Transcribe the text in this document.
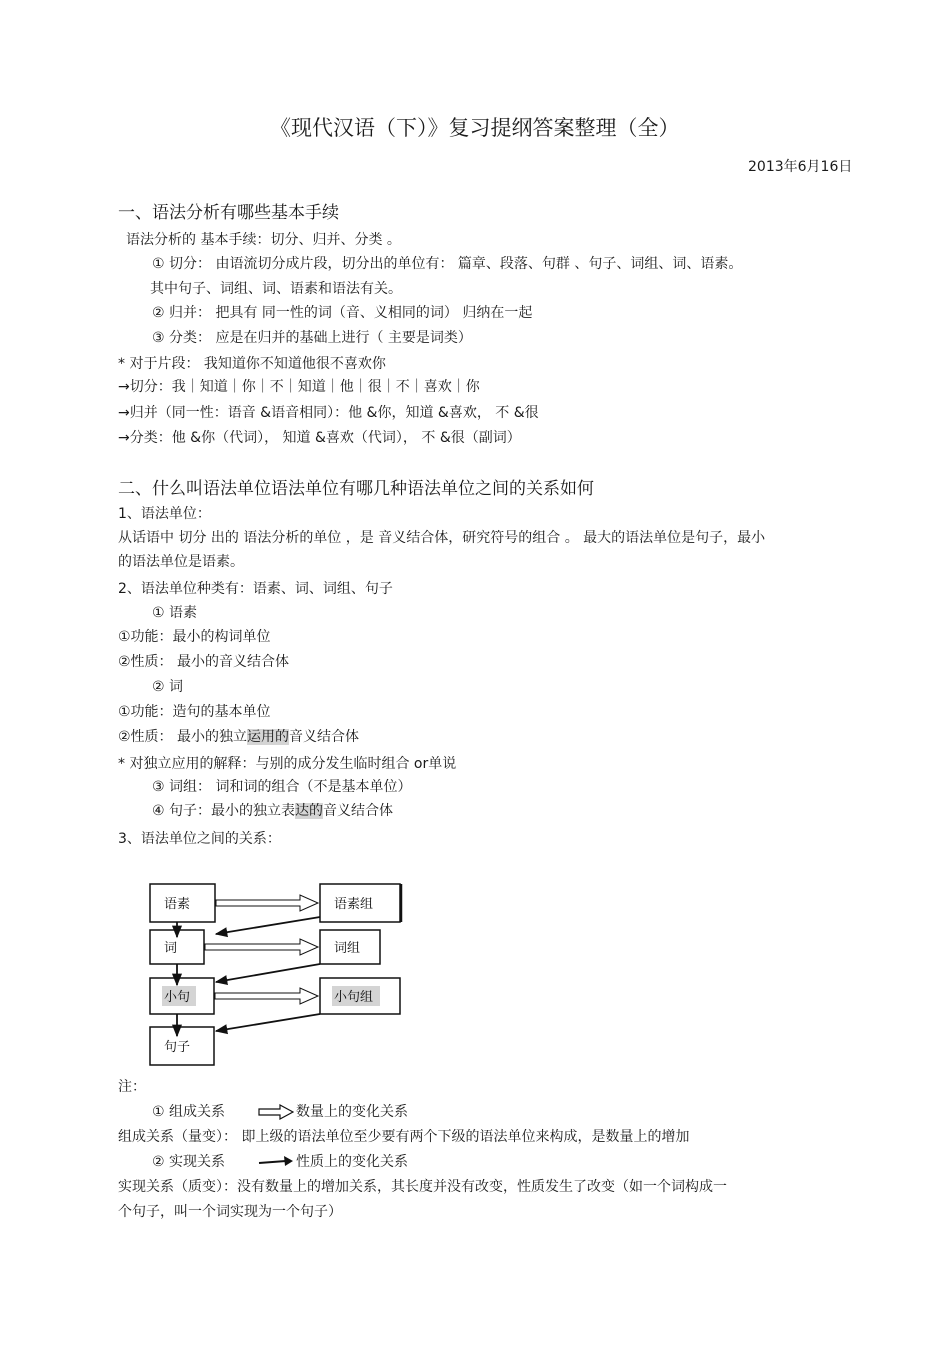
《现代汉语（下）》复习提纲答案整理（全）
2013年6月16日
一、语法分析有哪些基本手续
语法分析的 基本手续：切分、归并、分类 。
① 切分： 由语流切分成片段，切分出的单位有： 篇章、段落、句群 、句子、词组、词、语素。
其中句子、词组、词、语素和语法有关。
② 归并： 把具有 同一性的词（音、义相同的词） 归纳在一起
③ 分类： 应是在归并的基础上进行（ 主要是词类）
* 对于片段： 我知道你不知道他很不喜欢你
→切分：我｜知道｜你｜不｜知道｜他｜很｜不｜喜欢｜你
→归并（同一性：语音 &语音相同）：他 &你，知道 &喜欢， 不 &很
→分类：他 &你（代词）， 知道 &喜欢（代词）， 不 &很（副词）
二、什么叫语法单位语法单位有哪几种语法单位之间的关系如何
1、语法单位：
从话语中 切分 出的 语法分析的单位 ，是 音义结合体，研究符号的组合 。 最大的语法单位是句子，最小
的语法单位是语素。
2、语法单位种类有：语素、词、词组、句子
① 语素
①功能：最小的构词单位
②性质： 最小的音义结合体
② 词
①功能：造句的基本单位
②性质： 最小的独立运用的音义结合体
* 对独立应用的解释：与别的成分发生临时组合 or单说
③ 词组： 词和词的组合（不是基本单位）
④ 句子：最小的独立表达的音义结合体
3、语法单位之间的关系：
语素	语素组
词	词组
小句	小句组
句子
注：
① 组成关系	数量上的变化关系
组成关系（量变）： 即上级的语法单位至少要有两个下级的语法单位来构成，是数量上的增加
② 实现关系	性质上的变化关系
实现关系（质变）：没有数量上的增加关系，其长度并没有改变，性质发生了改变（如一个词构成一
个句子，叫一个词实现为一个句子）
